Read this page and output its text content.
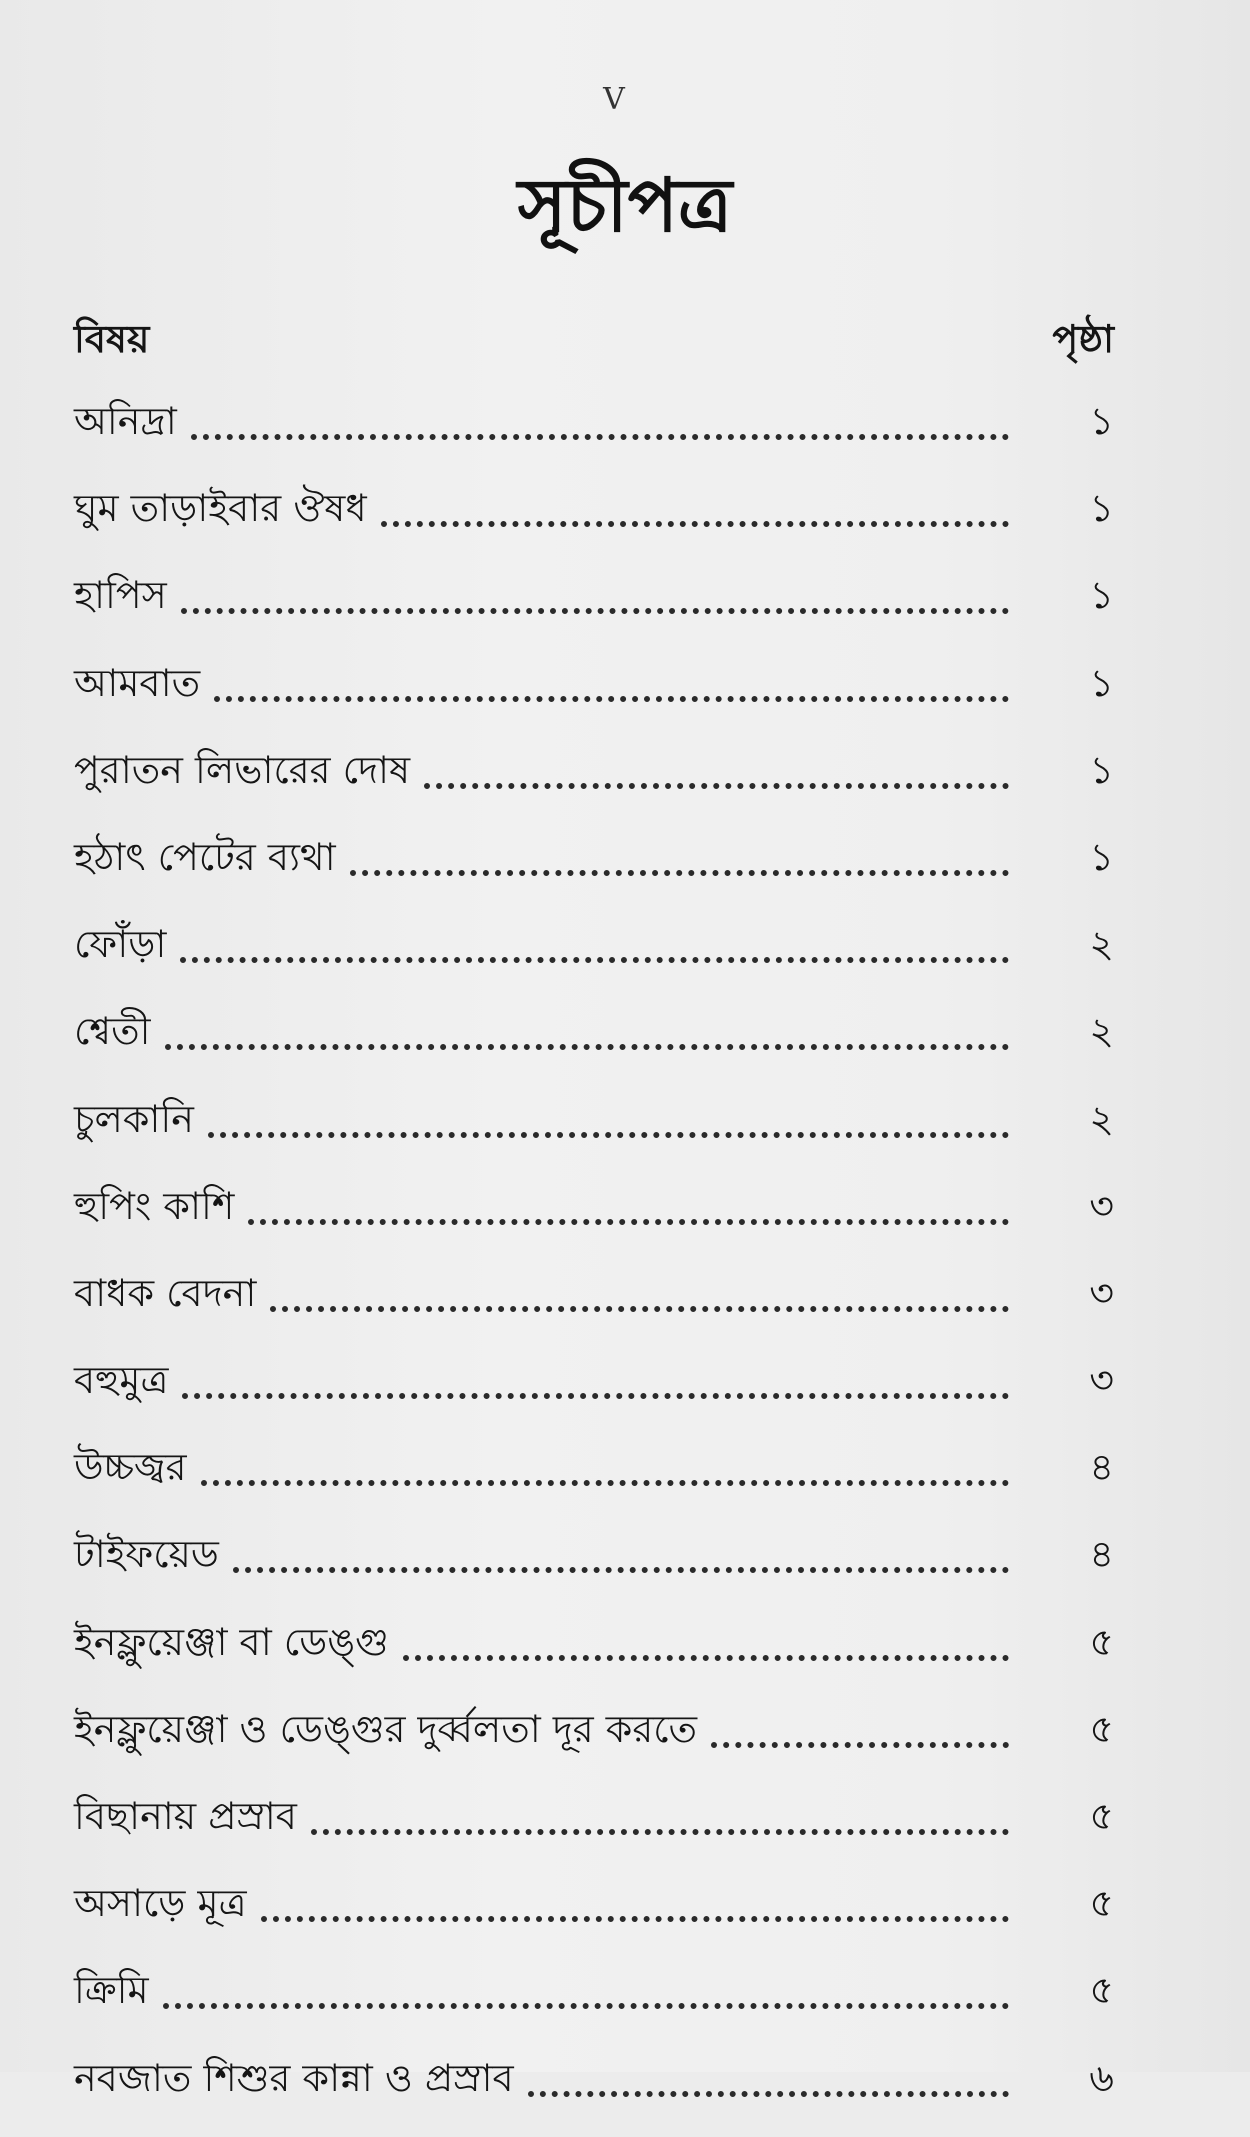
V
সূচীপত্র
বিষয়	পৃষ্ঠা
অনিদ্রা	১
ঘুম তাড়াইবার ঔষধ	১
হাপিস	১
আমবাত	১
পুরাতন লিভারের দোষ	১
হঠাৎ পেটের ব্যথা	১
ফোঁড়া	২
শ্বেতী	২
চুলকানি	২
হুপিং কাশি	৩
বাধক বেদনা	৩
বহুমুত্র	৩
উচ্চজ্বর	৪
টাইফয়েড	৪
ইনফ্লুয়েঞ্জা বা ডেঙ্গু	৫
ইনফ্লুয়েঞ্জা ও ডেঙ্গুর দুর্ব্বলতা দূর করতে	৫
বিছানায় প্রস্রাব	৫
অসাড়ে মূত্র	৫
ক্রিমি	৫
নবজাত শিশুর কান্না ও প্রস্রাব	৬
